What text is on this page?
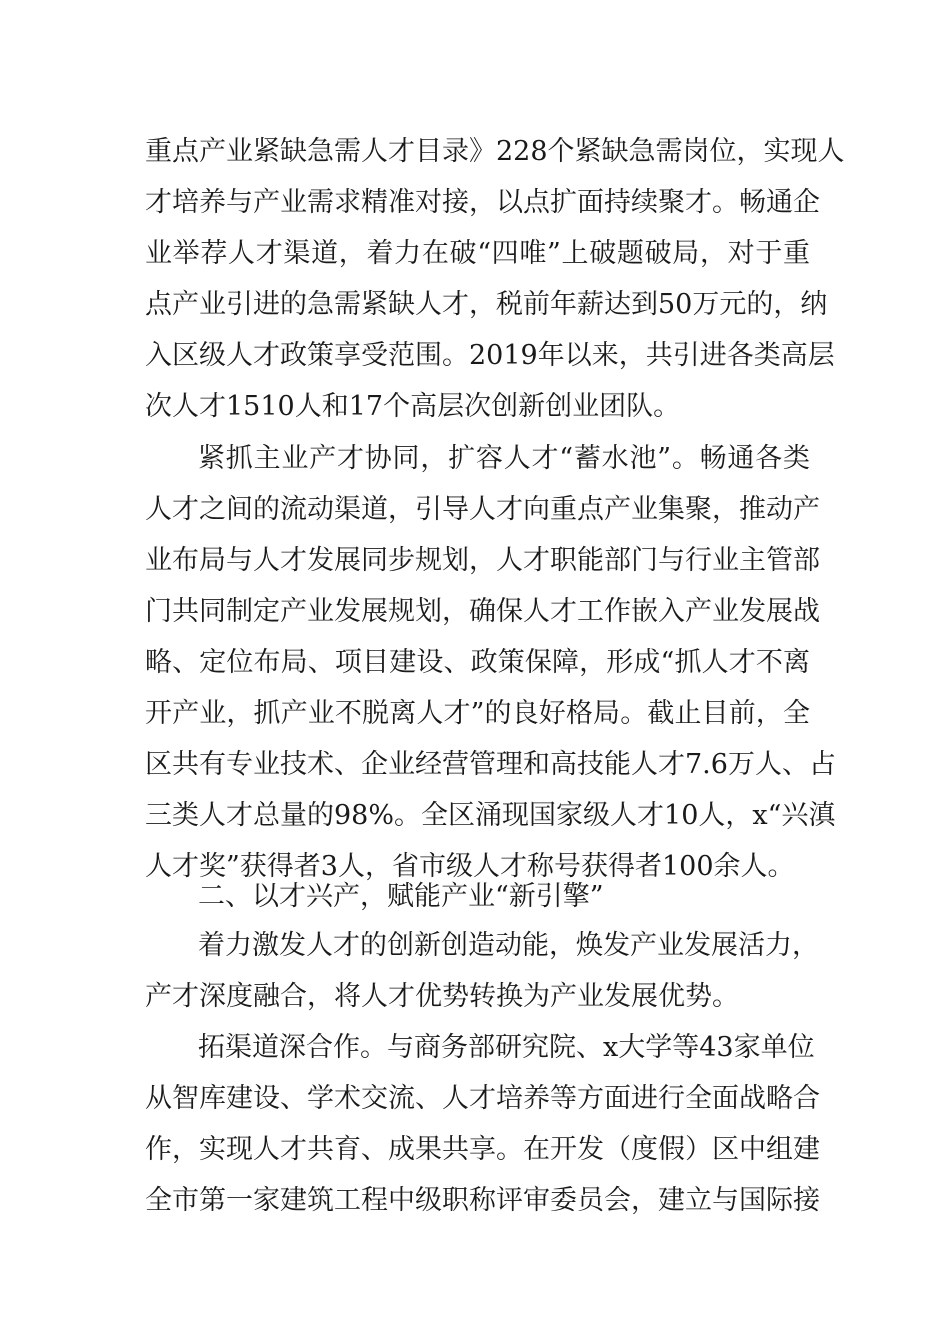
重点产业紧缺急需人才目录》228个紧缺急需岗位，实现人
才培养与产业需求精准对接，以点扩面持续聚才。畅通企
业举荐人才渠道，着力在破“四唯”上破题破局，对于重
点产业引进的急需紧缺人才，税前年薪达到50万元的，纳
入区级人才政策享受范围。2019年以来，共引进各类高层
次人才1510人和17个高层次创新创业团队。
紧抓主业产才协同，扩容人才“蓄水池”。畅通各类
人才之间的流动渠道，引导人才向重点产业集聚，推动产
业布局与人才发展同步规划，人才职能部门与行业主管部
门共同制定产业发展规划，确保人才工作嵌入产业发展战
略、定位布局、项目建设、政策保障，形成“抓人才不离
开产业，抓产业不脱离人才”的良好格局。截止目前，全
区共有专业技术、企业经营管理和高技能人才7.6万人、占
三类人才总量的98%。全区涌现国家级人才10人，x“兴滇
人才奖”获得者3人，省市级人才称号获得者100余人。
二、以才兴产，赋能产业“新引擎”
着力激发人才的创新创造动能，焕发产业发展活力，
产才深度融合，将人才优势转换为产业发展优势。
拓渠道深合作。与商务部研究院、x大学等43家单位
从智库建设、学术交流、人才培养等方面进行全面战略合
作，实现人才共育、成果共享。在开发（度假）区中组建
全市第一家建筑工程中级职称评审委员会，建立与国际接
